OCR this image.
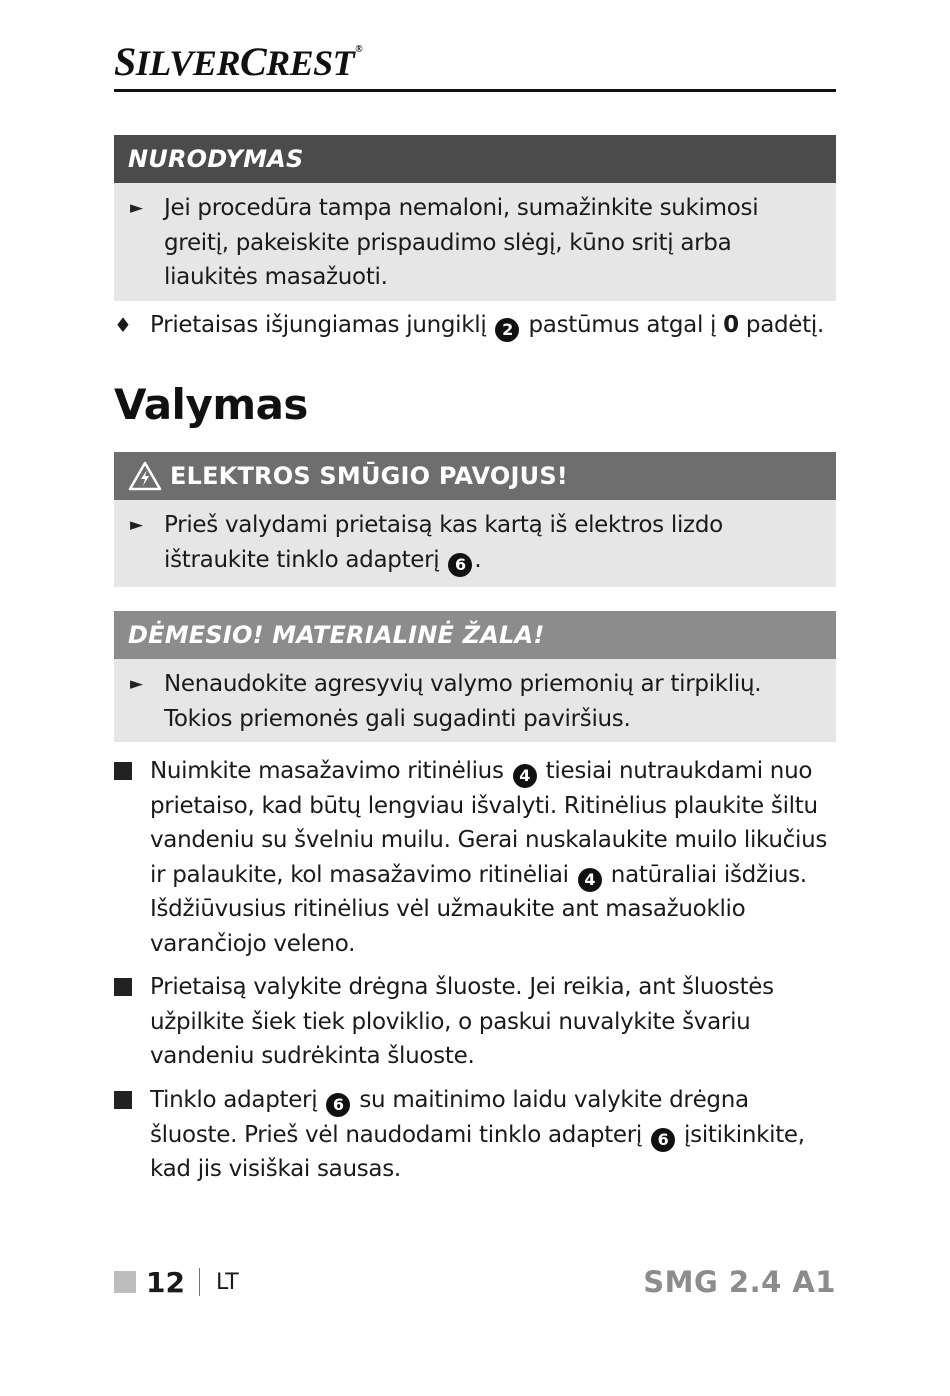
SILVERCREST®
NURODYMAS
► Jei procedūra tampa nemaloni, sumažinkite sukimosi greitį, pakeiskite prispaudimo slėgį, kūno sritį arba liaukitės masažuoti.
♦ Prietaisas išjungiamas jungiklį 2 pastūmus atgal į 0 padėtį.
Valymas
ELEKTROS SMŪGIO PAVOJUS!
► Prieš valydami prietaisą kas kartą iš elektros lizdo ištraukite tinklo adapterį 6 .
DĖMESIO! MATERIALINĖ ŽALA!
► Nenaudokite agresyvių valymo priemonių ar tirpiklių.
Tokios priemonės gali sugadinti paviršius.
Nuimkite masažavimo ritinėlius 4 tiesiai nutraukdami nuo prietaiso, kad būtų lengviau išvalyti. Ritinėlius plaukite šiltu vandeniu su švelniu muilu. Gerai nuskalaukite muilo likučius ir palaukite, kol masažavimo ritinėliai 4 natūraliai išdžius. Išdžiūvusius ritinėlius vėl užmaukite ant masažuoklio varančiojo veleno.
Prietaisą valykite drėgna šluoste. Jei reikia, ant šluostės užpilkite šiek tiek ploviklio, o paskui nuvalykite švariu vandeniu sudrėkinta šluoste.
Tinklo adapterį 6 su maitinimo laidu valykite drėgna šluoste. Prieš vėl naudodami tinklo adapterį 6 įsitikinkite, kad jis visiškai sausas.
12 LT	SMG 2.4 A1
